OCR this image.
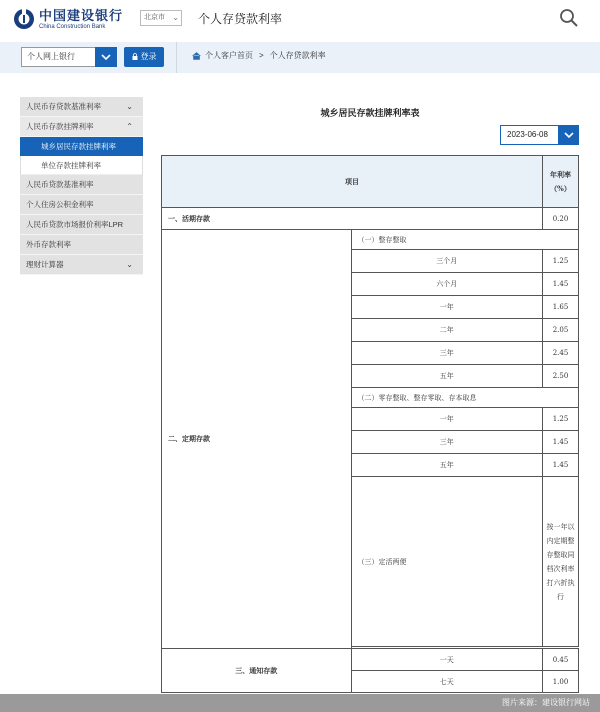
中国建设银行
China Construction Bank
北京市 ⌄ 个人存贷款利率
个人网上银行	登录	个人客户首页 > 个人存贷款利率
人民币存贷款基准利率	⌄
人民币存款挂牌利率	⌃
城乡居民存款挂牌利率
单位存款挂牌利率
人民币贷款基准利率
个人住房公积金利率
人民币贷款市场报价利率LPR
外币存款利率
理财计算器	⌄
城乡居民存款挂牌利率表
2023-06-08
项目		年利率（%）
一、活期存款		0.20
二、定期存款	（一）整存整取	
	三个月	1.25
	六个月	1.45
	一年	1.65
	二年	2.05
	三年	2.45
	五年	2.50
	（二）零存整取、整存零取、存本取息	
	一年	1.25
	三年	1.45
	五年	1.45
	（三）定活两便	按一年以内定期整存整取同档次利率打六折执行

三、通知存款	一天	0.45
	七天	1.00
图片来源：建设银行网站
